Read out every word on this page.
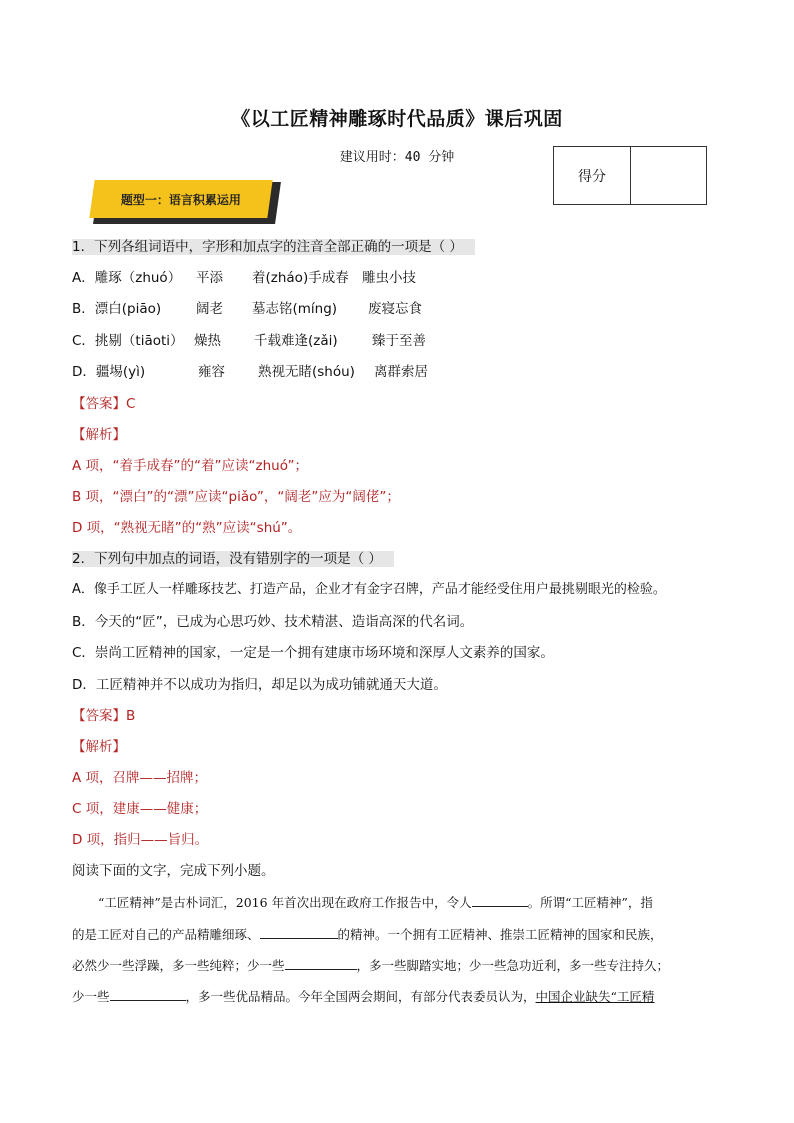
《以工匠精神雕琢时代品质》课后巩固
建议用时：40 分钟
得分
题型一：语言积累运用
1．下列各组词语中，字形和加点字的注音全部正确的一项是（ ）
A．雕琢（zhuó） 平添 着(zháo)手成春 雕虫小技
B．漂白(piāo)	阔老 墓志铭(míng) 废寝忘食
C．挑剔（tiāoti） 燥热 千载难逢(zǎi)	臻于至善
D．疆埸(yì)	雍容 熟视无睹(shóu) 离群索居
【答案】C
【解析】
A 项，“着手成春”的“着”应读“zhuó”；
B 项，“漂白”的“漂”应读“piǎo”，“阔老”应为“阔佬”；
D 项，“熟视无睹”的“熟”应读“shú”。
2．下列句中加点的词语，没有错别字的一项是（ ）
A．像手工匠人一样雕琢技艺、打造产品，企业才有金字召牌，产品才能经受住用户最挑剔眼光的检验。
B．今天的“匠”，已成为心思巧妙、技术精湛、造诣高深的代名词。
C．崇尚工匠精神的国家，一定是一个拥有建康市场环境和深厚人文素养的国家。
D．工匠精神并不以成功为指归，却足以为成功铺就通天大道。
【答案】B
【解析】
A 项，召牌——招牌；
C 项，建康——健康；
D 项，指归——旨归。
阅读下面的文字，完成下列小题。
“工匠精神”是古朴词汇，2016 年首次出现在政府工作报告中，令人	。所谓“工匠精神”，指
的是工匠对自己的产品精雕细琢、	的精神。一个拥有工匠精神、推崇工匠精神的国家和民族，
必然少一些浮躁，多一些纯粹；少一些	，多一些脚踏实地；少一些急功近利，多一些专注持久；
少一些	，多一些优品精品。今年全国两会期间，有部分代表委员认为，中国企业缺失“工匠精
